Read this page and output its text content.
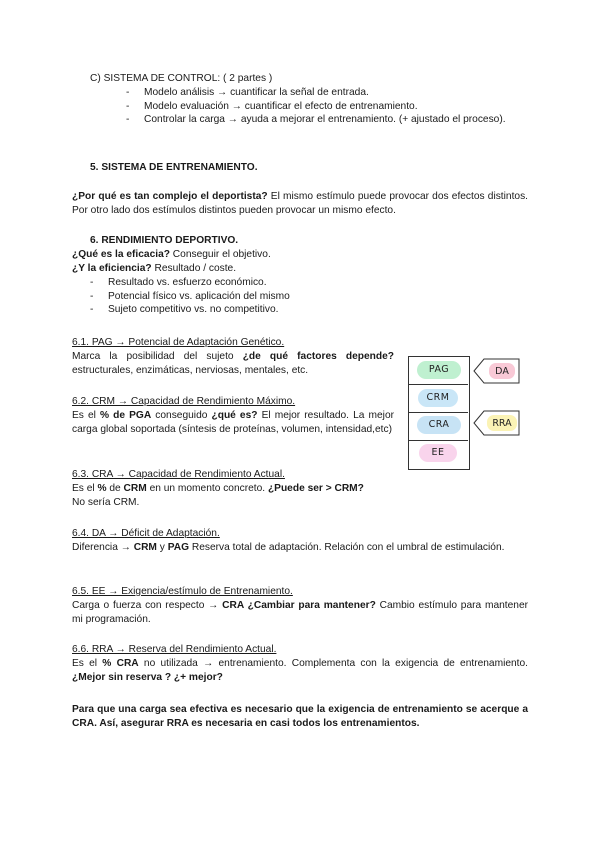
C) SISTEMA DE CONTROL: ( 2 partes )

- Modelo análisis → cuantificar la señal de entrada.
- Modelo evaluación → cuantificar el efecto de entrenamiento.
- Controlar la carga → ayuda a mejorar el entrenamiento. (+ ajustado el proceso).

5. SISTEMA DE ENTRENAMIENTO.

¿Por qué es tan complejo el deportista? El mismo estímulo puede provocar dos efectos distintos. Por otro lado dos estímulos distintos pueden provocar un mismo efecto.

6. RENDIMIENTO DEPORTIVO.

¿Qué es la eficacia? Conseguir el objetivo.

¿Y la eficiencia? Resultado / coste.

- Resultado vs. esfuerzo económico.
- Potencial físico vs. aplicación del mismo
- Sujeto competitivo vs. no competitivo.

6.1. PAG → Potencial de Adaptación Genético.

Marca la posibilidad del sujeto ¿de qué factores depende? estructurales, enzimáticas, nerviosas, mentales, etc.

6.2. CRM → Capacidad de Rendimiento Máximo.

Es el % de PGA conseguido ¿qué es? El mejor resultado. La mejor carga global soportada (síntesis de proteínas, volumen, intensidad,etc)

6.3. CRA → Capacidad de Rendimiento Actual.

Es el % de CRM en un momento concreto. ¿Puede ser > CRM?

No sería CRM.

6.4. DA → Déficit de Adaptación.

Diferencia → CRM y PAG Reserva total de adaptación. Relación con el umbral de estimulación.

6.5. EE → Exigencia/estímulo de Entrenamiento.

Carga o fuerza con respecto → CRA ¿Cambiar para mantener? Cambio estímulo para mantener mi programación.

6.6. RRA → Reserva del Rendimiento Actual.

Es el % CRA no utilizada → entrenamiento. Complementa con la exigencia de entrenamiento. ¿Mejor sin reserva ? ¿+ mejor?

Para que una carga sea efectiva es necesario que la exigencia de entrenamiento se acerque a CRA. Así, asegurar RRA es necesaria en casi todos los entrenamientos.

PAG
CRM
CRA
EE
DA
RRA
